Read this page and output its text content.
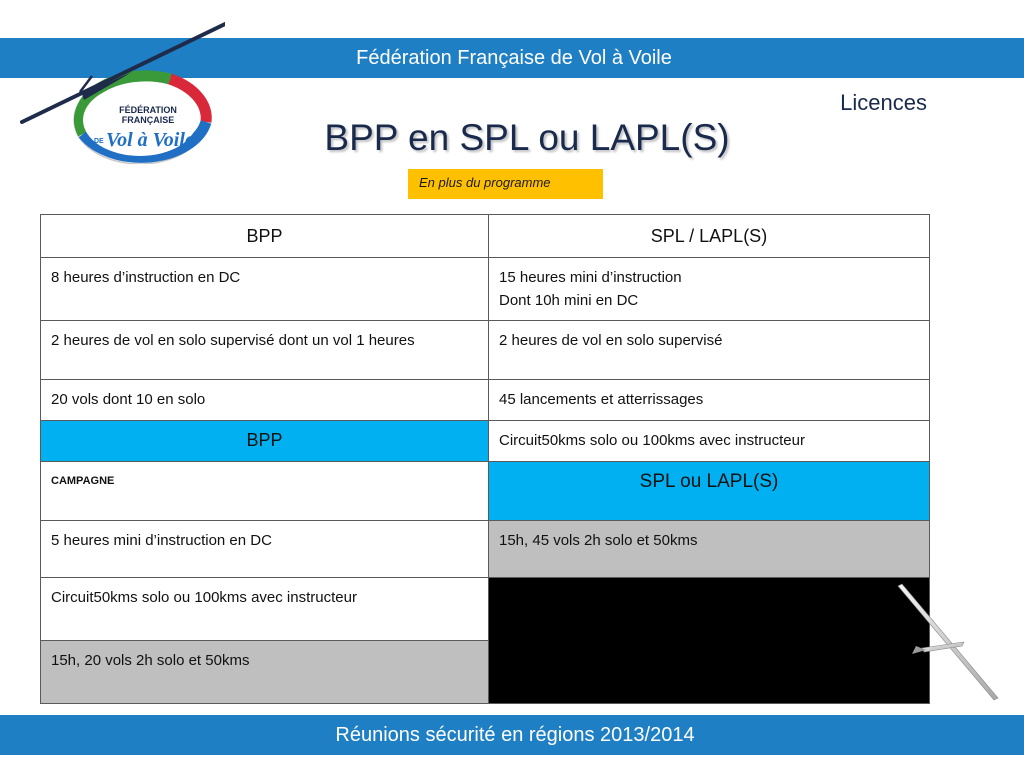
Fédération Française de Vol à Voile
FÉDÉRATION
FRANÇAISE
DE Vol à Voile
Licences
BPP en SPL ou LAPL(S)
En plus du programme
BPP	SPL / LAPL(S)
8 heures d’instruction en DC	15 heures mini d’instruction
Dont 10h mini en DC

2 heures de vol en solo supervisé dont un vol 1 heures	2 heures de vol en solo supervisé
20 vols dont 10 en solo	45 lancements et atterrissages
BPP	Circuit50kms solo ou 100kms avec instructeur
CAMPAGNE	SPL ou LAPL(S)
5 heures mini d’instruction en DC	15h, 45 vols 2h solo et 50kms
Circuit50kms solo ou 100kms avec instructeur	
15h, 20 vols 2h solo et 50kms	
Réunions sécurité en régions 2013/2014
